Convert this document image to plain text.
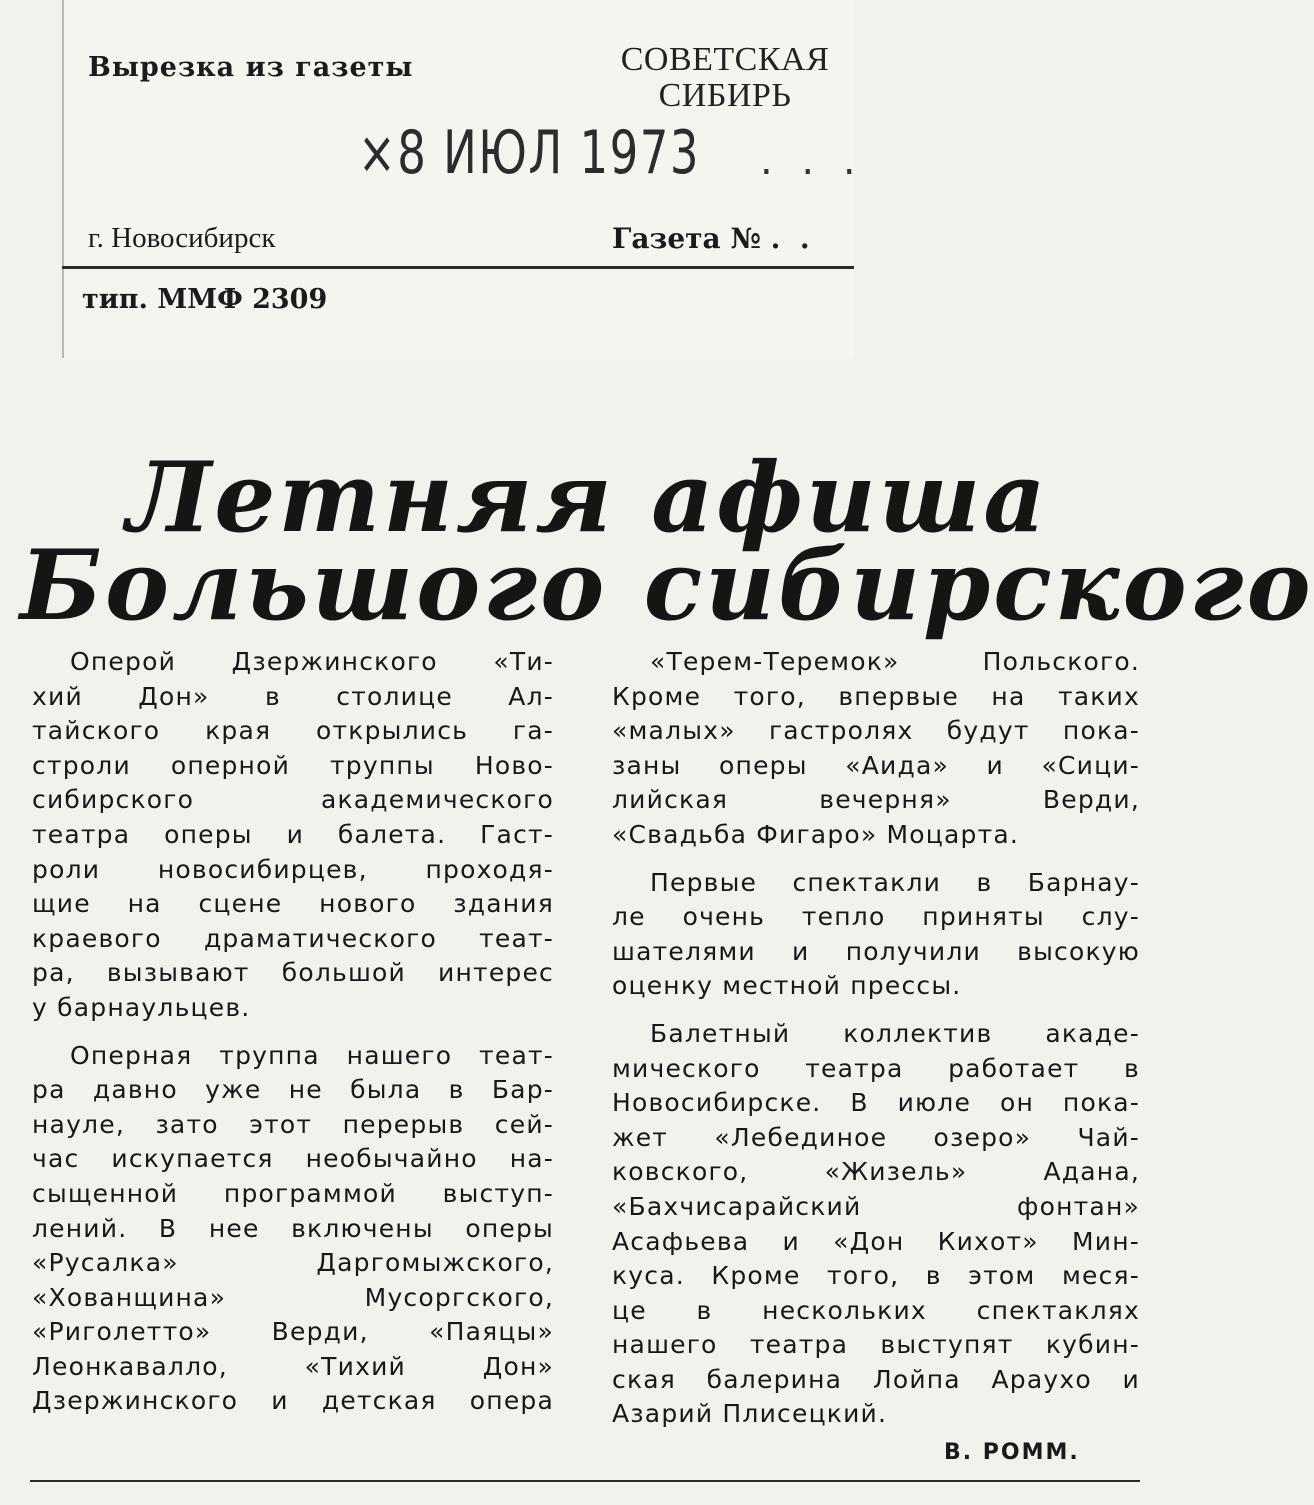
Вырезка из газеты	СОВЕТСКАЯ
СИБИРЬ
×8 ИЮЛ 1973 . . .
г. Новосибирск	Газета № .  .
тип. ММФ 2309
Летняя афиша
Большого сибирского
Оперой Дзержинского «Ти-
хий Дон» в столице Ал-
тайского края открылись га-
строли оперной труппы Ново-
сибирского академического
театра оперы и балета. Гаст-
роли новосибирцев, проходя-
щие на сцене нового здания
краевого драматического теат-
ра, вызывают большой интерес
у барнаульцев.
Оперная труппа нашего теат-
ра давно уже не была в Бар-
науле, зато этот перерыв сей-
час искупается необычайно на-
сыщенной программой выступ-
лений. В нее включены оперы
«Русалка» Даргомыжского,
«Хованщина» Мусоргского,
«Риголетто» Верди, «Паяцы»
Леонкавалло, «Тихий Дон»
Дзержинского и детская опера
«Терем-Теремок» Польского.
Кроме того, впервые на таких
«малых» гастролях будут пока-
заны оперы «Аида» и «Сици-
лийская вечерня» Верди,
«Свадьба Фигаро» Моцарта.
Первые спектакли в Барнау-
ле очень тепло приняты слу-
шателями и получили высокую
оценку местной прессы.
Балетный коллектив акаде-
мического театра работает в
Новосибирске. В июле он пока-
жет «Лебединое озеро» Чай-
ковского, «Жизель» Адана,
«Бахчисарайский фонтан»
Асафьева и «Дон Кихот» Мин-
куса. Кроме того, в этом меся-
це в нескольких спектаклях
нашего театра выступят кубин-
ская балерина Лойпа Араухо и
Азарий Плисецкий.
В. РОММ.
